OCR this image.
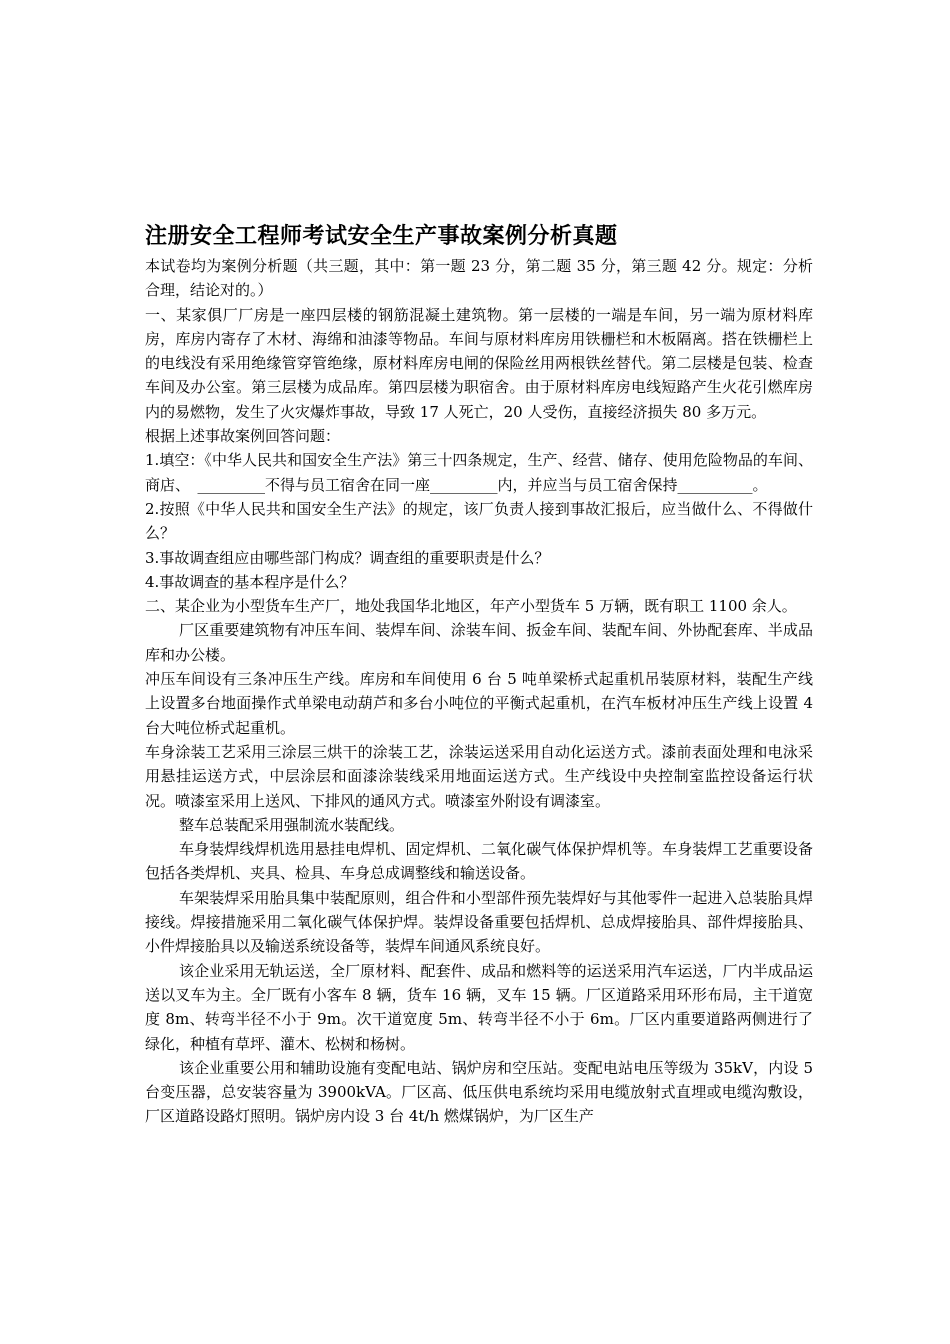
注册安全工程师考试安全生产事故案例分析真题

本试卷均为案例分析题（共三题，其中：第一题 23 分，第二题 35 分，第三题 42 分。规定：分析合理，结论对的。）

一、某家俱厂厂房是一座四层楼的钢筋混凝土建筑物。第一层楼的一端是车间，另一端为原材料库房，库房内寄存了木材、海绵和油漆等物品。车间与原材料库房用铁栅栏和木板隔离。搭在铁栅栏上的电线没有采用绝缘管穿管绝缘，原材料库房电闸的保险丝用两根铁丝替代。第二层楼是包装、检查车间及办公室。第三层楼为成品库。第四层楼为职宿舍。由于原材料库房电线短路产生火花引燃库房内的易燃物，发生了火灾爆炸事故，导致 17 人死亡，20 人受伤，直接经济损失 80 多万元。

根据上述事故案例回答问题：

1.填空：《中华人民共和国安全生产法》第三十四条规定，生产、经营、储存、使用危险物品的车间、商店、　_________不得与员工宿舍在同一座_________内，并应当与员工宿舍保持__________。

2.按照《中华人民共和国安全生产法》的规定，该厂负责人接到事故汇报后，应当做什么、不得做什么？

3.事故调查组应由哪些部门构成？调查组的重要职责是什么？

4.事故调查的基本程序是什么？

二、某企业为小型货车生产厂，地处我国华北地区，年产小型货车 5 万辆，既有职工 1100 余人。

厂区重要建筑物有冲压车间、装焊车间、涂装车间、扳金车间、装配车间、外协配套库、半成品库和办公楼。

冲压车间设有三条冲压生产线。库房和车间使用 6 台 5 吨单梁桥式起重机吊装原材料，装配生产线上设置多台地面操作式单梁电动葫芦和多台小吨位的平衡式起重机，在汽车板材冲压生产线上设置 4 台大吨位桥式起重机。

车身涂装工艺采用三涂层三烘干的涂装工艺，涂装运送采用自动化运送方式。漆前表面处理和电泳采用悬挂运送方式，中层涂层和面漆涂装线采用地面运送方式。生产线设中央控制室监控设备运行状况。喷漆室采用上送风、下排风的通风方式。喷漆室外附设有调漆室。

整车总装配采用强制流水装配线。

车身装焊线焊机选用悬挂电焊机、固定焊机、二氧化碳气体保护焊机等。车身装焊工艺重要设备包括各类焊机、夹具、检具、车身总成调整线和输送设备。

车架装焊采用胎具集中装配原则，组合件和小型部件预先装焊好与其他零件一起进入总装胎具焊接线。焊接措施采用二氧化碳气体保护焊。装焊设备重要包括焊机、总成焊接胎具、部件焊接胎具、小件焊接胎具以及输送系统设备等，装焊车间通风系统良好。

该企业采用无轨运送，全厂原材料、配套件、成品和燃料等的运送采用汽车运送，厂内半成品运送以叉车为主。全厂既有小客车 8 辆，货车 16 辆，叉车 15 辆。厂区道路采用环形布局，主干道宽度 8m、转弯半径不小于 9m。次干道宽度 5m、转弯半径不小于 6m。厂区内重要道路两侧进行了绿化，种植有草坪、灌木、松树和杨树。

该企业重要公用和辅助设施有变配电站、锅炉房和空压站。变配电站电压等级为 35kV，内设 5 台变压器，总安装容量为 3900kVA。厂区高、低压供电系统均采用电缆放射式直埋或电缆沟敷设，厂区道路设路灯照明。锅炉房内设 3 台 4t/h 燃煤锅炉，为厂区生产
